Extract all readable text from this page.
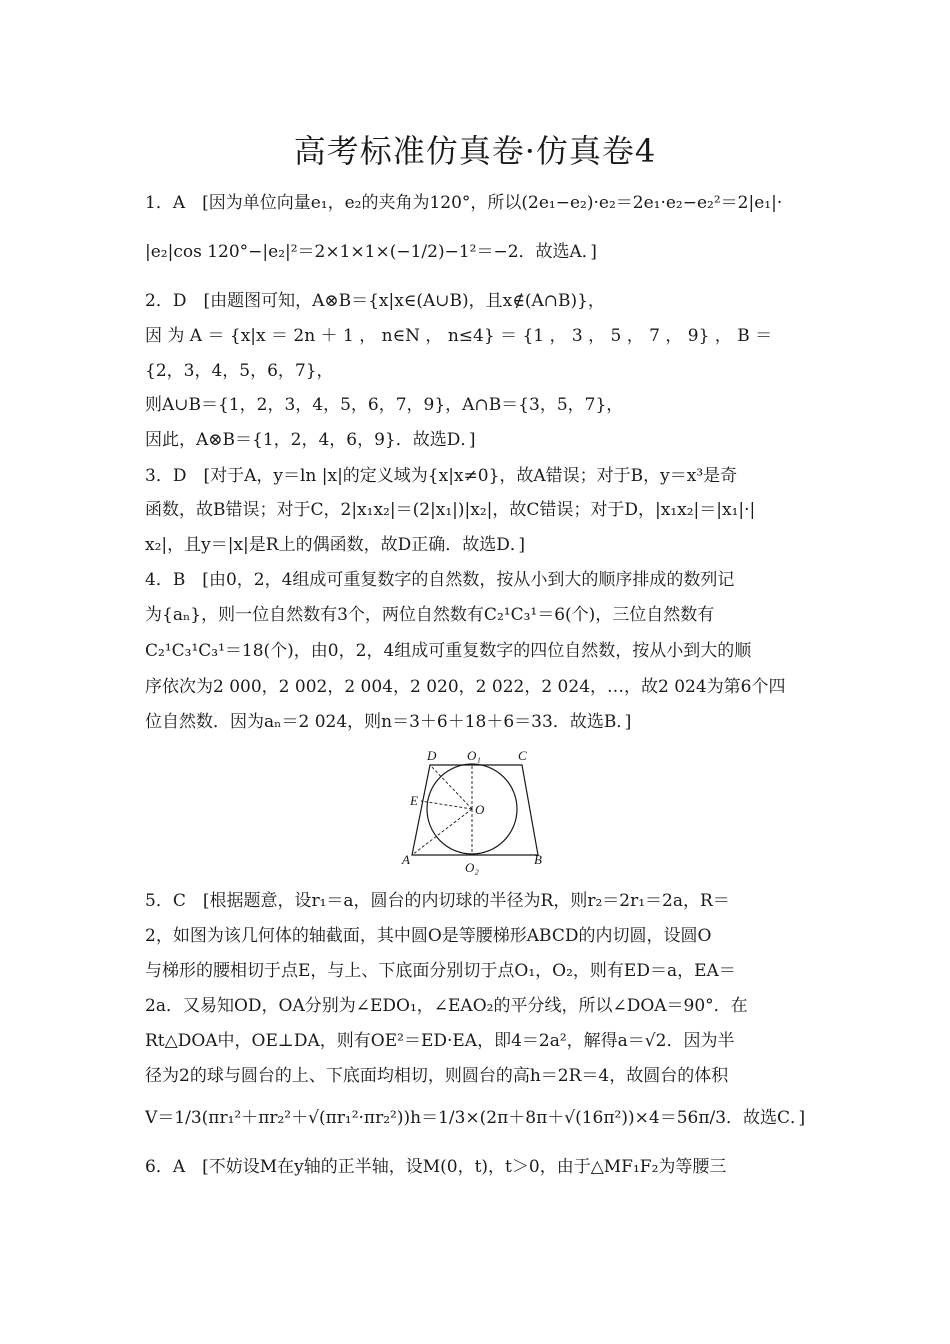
高考标准仿真卷·仿真卷4
1．A　[因为单位向量e₁，e₂的夹角为120°，所以(2e₁−e₂)·e₂＝2e₁·e₂−e₂²＝2|e₁|·
|e₂|cos 120°−|e₂|²＝2×1×1×(−1/2)−1²＝−2．故选A．]
2．D　[由题图可知，A⊗B＝{x|x∈(A∪B)，且x∉(A∩B)}，
因 为 A ＝ {x|x ＝ 2n ＋ 1 ， n∈N ， n≤4} ＝ {1 ， 3 ， 5 ， 7 ， 9} ， B ＝
{2，3，4，5，6，7}，
则A∪B＝{1，2，3，4，5，6，7，9}，A∩B＝{3，5，7}，
因此，A⊗B＝{1，2，4，6，9}．故选D．]
3．D　[对于A，y＝ln |x|的定义域为{x|x≠0}，故A错误；对于B，y＝x³是奇
函数，故B错误；对于C，2|x₁x₂|＝(2|x₁|)|x₂|，故C错误；对于D，|x₁x₂|＝|x₁|·|
x₂|，且y＝|x|是R上的偶函数，故D正确．故选D．]
4．B　[由0，2，4组成可重复数字的自然数，按从小到大的顺序排成的数列记
为{aₙ}，则一位自然数有3个，两位自然数有C₂¹C₃¹＝6(个)，三位自然数有
C₂¹C₃¹C₃¹＝18(个)，由0，2，4组成可重复数字的四位自然数，按从小到大的顺
序依次为2 000，2 002，2 004，2 020，2 022，2 024，…，故2 024为第6个四
位自然数．因为aₙ＝2 024，则n＝3＋6＋18＋6＝33．故选B．]
D O₁	C
E
O
A
O₂
B
5．C　[根据题意，设r₁＝a，圆台的内切球的半径为R，则r₂＝2r₁＝2a，R＝
2，如图为该几何体的轴截面，其中圆O是等腰梯形ABCD的内切圆，设圆O
与梯形的腰相切于点E，与上、下底面分别切于点O₁，O₂，则有ED＝a，EA＝
2a．又易知OD，OA分别为∠EDO₁，∠EAO₂的平分线，所以∠DOA＝90°．在
Rt△DOA中，OE⊥DA，则有OE²＝ED·EA，即4＝2a²，解得a＝√2．因为半
径为2的球与圆台的上、下底面均相切，则圆台的高h＝2R＝4，故圆台的体积
V＝1/3(πr₁²＋πr₂²＋√(πr₁²·πr₂²))h＝1/3×(2π＋8π＋√(16π²))×4＝56π/3．故选C．]
6．A　[不妨设M在y轴的正半轴，设M(0，t)，t＞0，由于△MF₁F₂为等腰三
